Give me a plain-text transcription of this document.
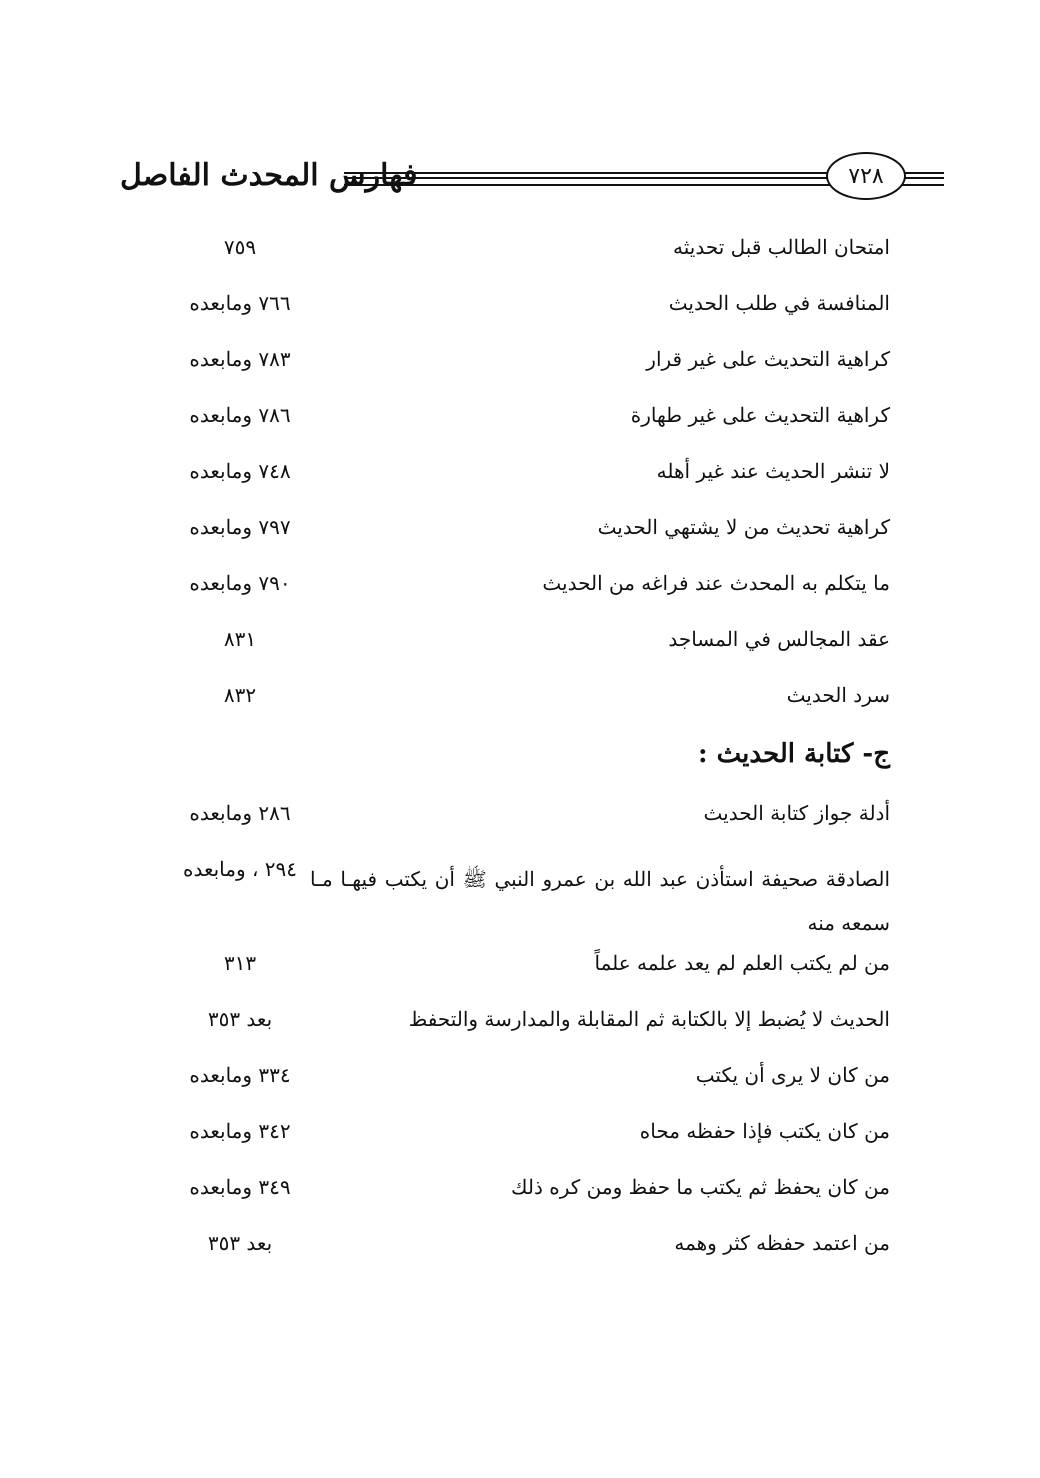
فهارس المحدث الفاصل	٧٢٨
امتحان الطالب قبل تحديثه
٧٥٩
المنافسة في طلب الحديث
٧٦٦ ومابعده
كراهية التحديث على غير قرار
٧٨٣ ومابعده
كراهية التحديث على غير طهارة
٧٨٦ ومابعده
لا تنشر الحديث عند غير أهله
٧٤٨ ومابعده
كراهية تحديث من لا يشتهي الحديث
٧٩٧ ومابعده
ما يتكلم به المحدث عند فراغه من الحديث
٧٩٠ ومابعده
عقد المجالس في المساجد
٨٣١
سرد الحديث
٨٣٢
ج- كتابة الحديث :
أدلة جواز كتابة الحديث
٢٨٦ ومابعده
الصادقة صحيفة استأذن عبد الله بن عمرو النبي ﷺ أن يكتب فيهـا مـا سمعه منه
٢٩٤ ، ومابعده
من لم يكتب العلم لم يعد علمه علماً
٣١٣
الحديث لا يُضبط إلا بالكتابة ثم المقابلة والمدارسة والتحفظ
بعد ٣٥٣
من كان لا يرى أن يكتب
٣٣٤ ومابعده
من كان يكتب فإذا حفظه محاه
٣٤٢ ومابعده
من كان يحفظ ثم يكتب ما حفظ ومن كره ذلك
٣٤٩ ومابعده
من اعتمد حفظه كثر وهمه
بعد ٣٥٣
